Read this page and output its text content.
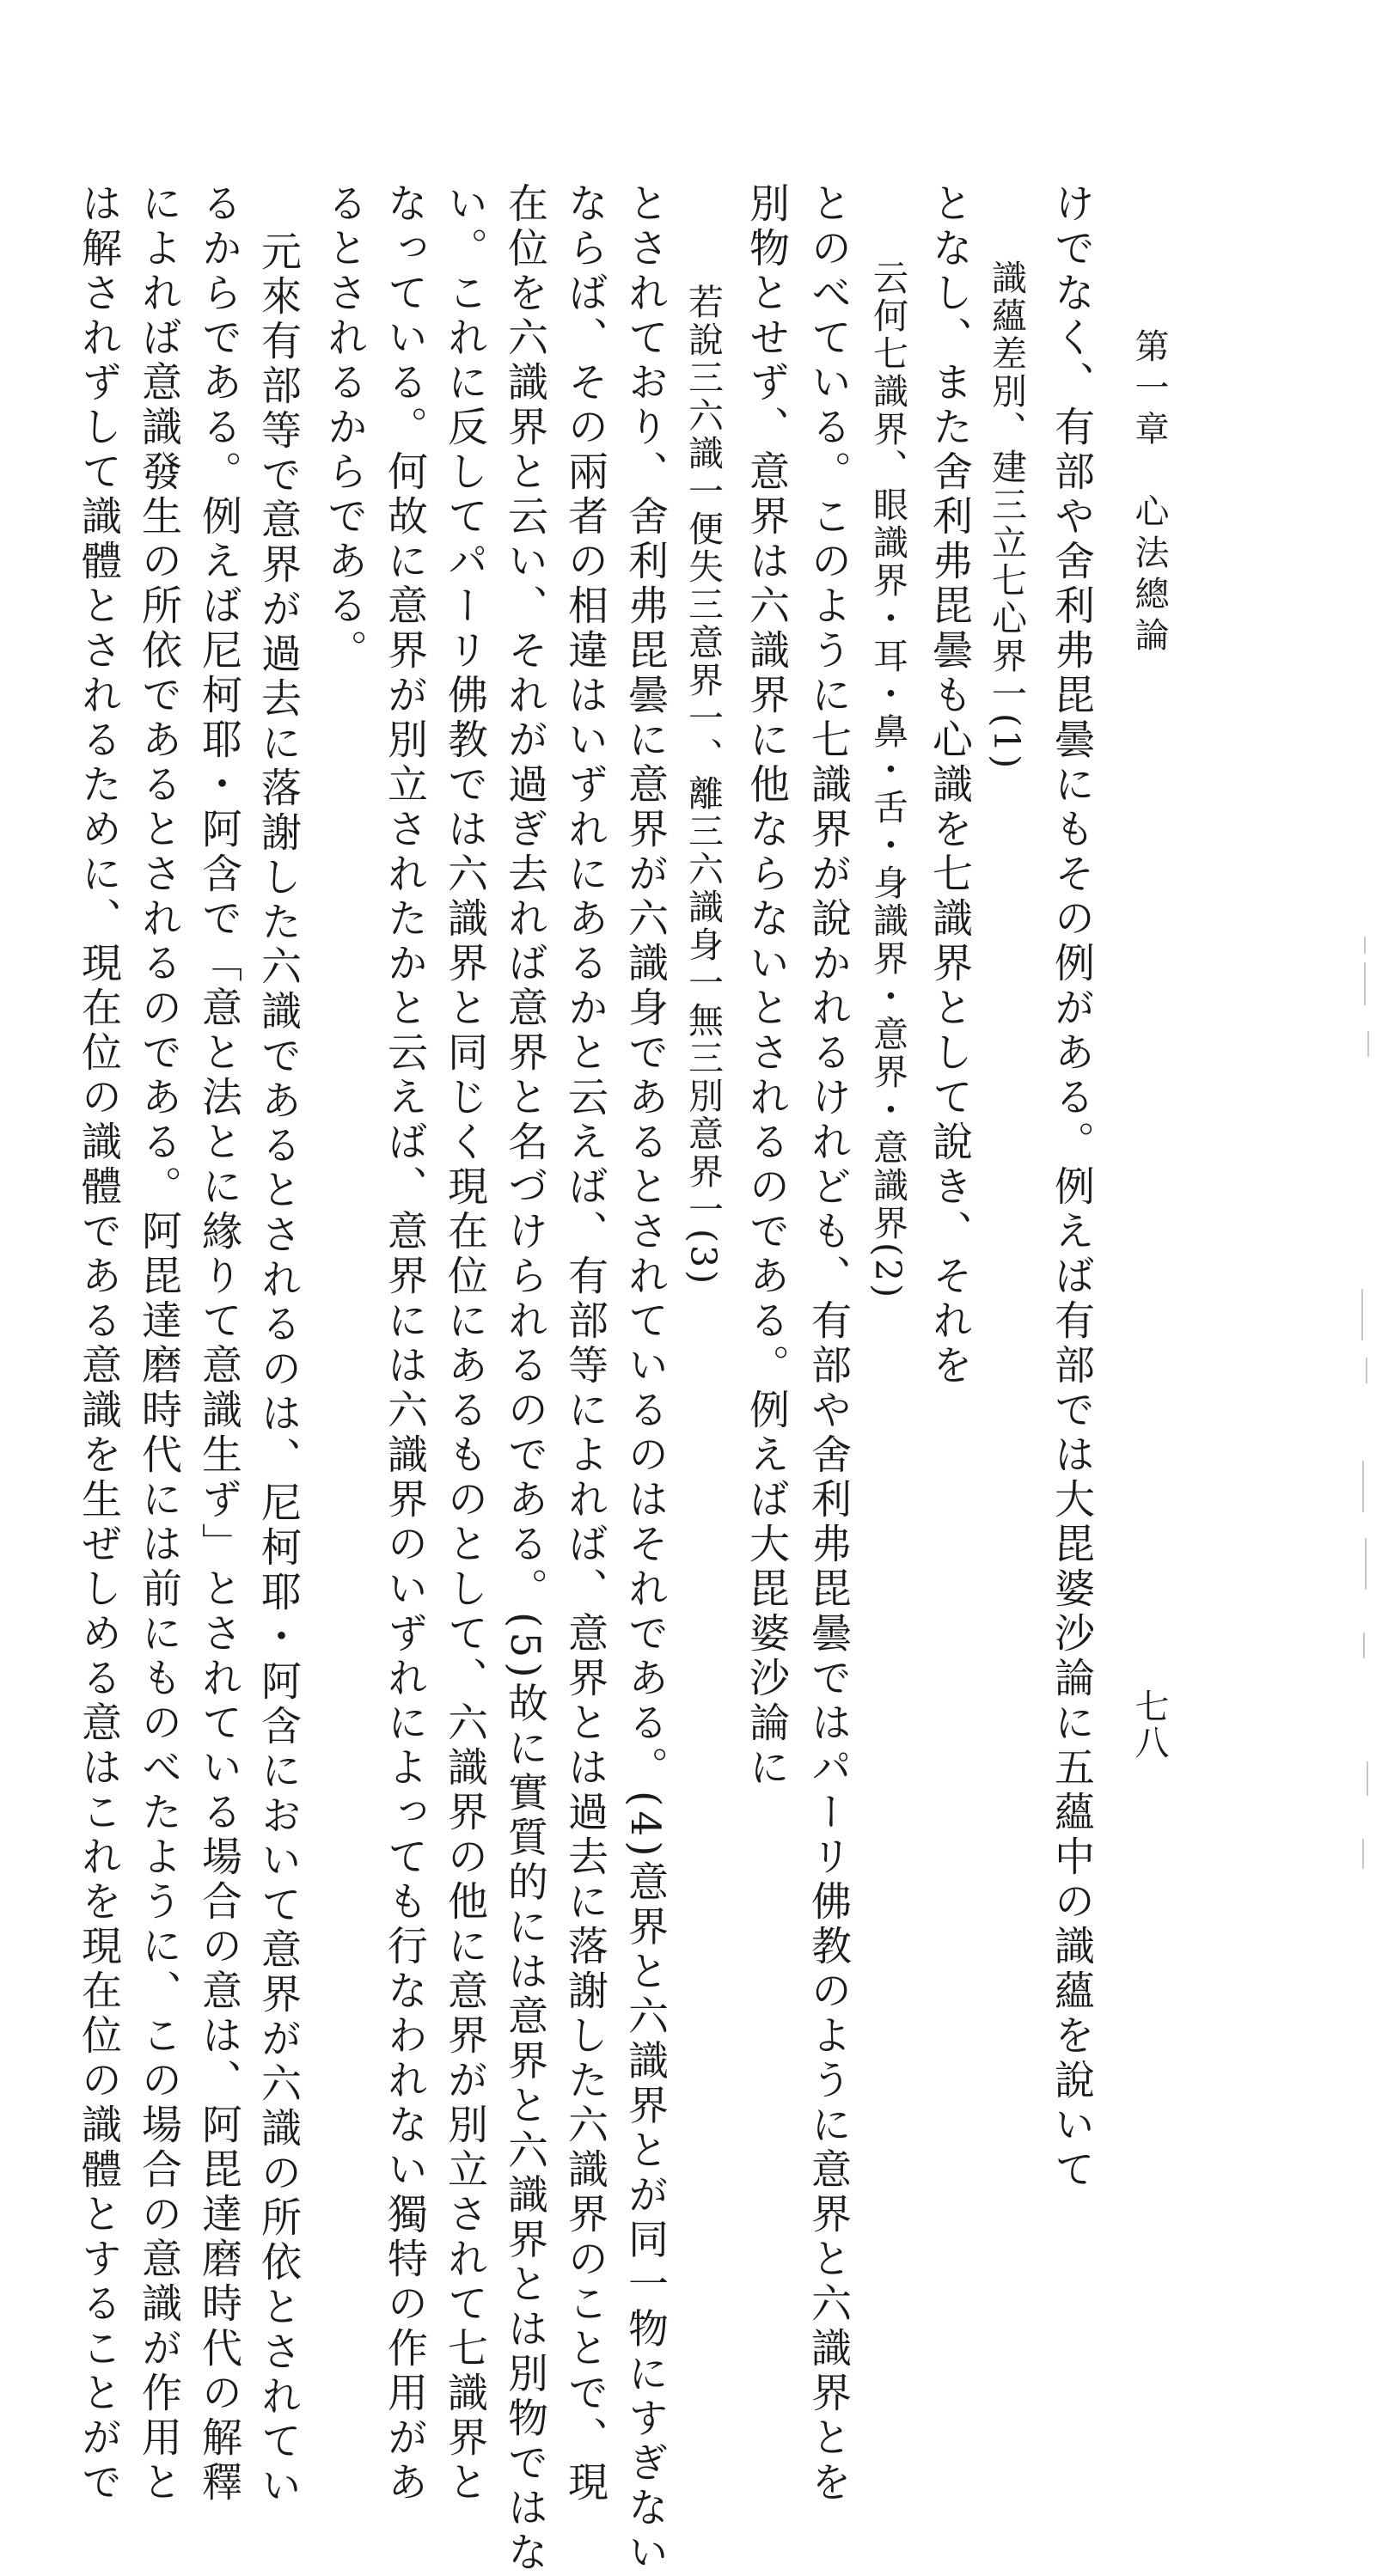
第一章　心法總論
七八
けでなく、有部や舍利弗毘曇にもその例がある。例えば有部では大毘婆沙論に五蘊中の識蘊を說いて
識蘊差別、建三立七心界一(1)
となし、また舍利弗毘曇も心識を七識界として說き、それを
云何七識界、眼識界・耳・鼻・舌・身識界・意界・意識界(2)
とのべている。このように七識界が說かれるけれども、有部や舍利弗毘曇ではパーリ佛教のように意界と六識界とを
別物とせず、意界は六識界に他ならないとされるのである。例えば大毘婆沙論に
若說三六識一便失三意界一、離三六識身一無三別意界一(3)
とされており、舍利弗毘曇に意界が六識身であるとされているのはそれである。(4)意界と六識界とが同一物にすぎない
ならば、その兩者の相違はいずれにあるかと云えば、有部等によれば、意界とは過去に落謝した六識界のことで、現
在位を六識界と云い、それが過ぎ去れば意界と名づけられるのである。(5)故に實質的には意界と六識界とは別物ではな
い。これに反してパーリ佛教では六識界と同じく現在位にあるものとして、六識界の他に意界が別立されて七識界と
なっている。何故に意界が別立されたかと云えば、意界には六識界のいずれによっても行なわれない獨特の作用があ
るとされるからである。
元來有部等で意界が過去に落謝した六識であるとされるのは、尼柯耶・阿含において意界が六識の所依とされてい
るからである。例えば尼柯耶・阿含で「意と法とに緣りて意識生ず」とされている場合の意は、阿毘達磨時代の解釋
によれば意識發生の所依であるとされるのである。阿毘達磨時代には前にものべたように、この場合の意識が作用と
は解されずして識體とされるために、現在位の識體である意識を生ぜしめる意はこれを現在位の識體とすることがで
